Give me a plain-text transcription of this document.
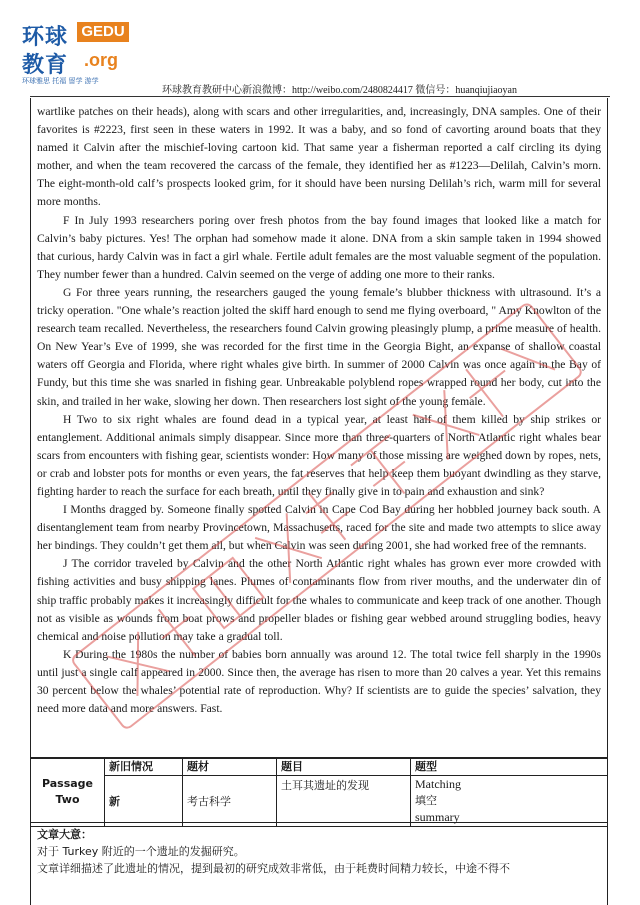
环球
教育
GEDU
.org
环球雅思 托福 留学 游学
环球教育教研中心新浪微博：http://weibo.com/2480824417 微信号：huanqiujiaoyan

wartlike patches on their heads), along with scars and other irregularities, and, increasingly, DNA samples. One of their favorites is #2223, first seen in these waters in 1992. It was a baby, and so fond of cavorting around boats that they named it Calvin after the mischief-loving cartoon kid. That same year a fisherman reported a calf circling its dying mother, and when the team recovered the carcass of the female, they identified her as #1223—Delilah, Calvin’s morn. The eight-month-old calf’s prospects looked grim, for it should have been nursing Delilah’s rich, warm mill for several more months.

F In July 1993 researchers poring over fresh photos from the bay found images that looked like a match for Calvin’s baby pictures. Yes! The orphan had somehow made it alone. DNA from a skin sample taken in 1994 showed that curious, hardy Calvin was in fact a girl whale. Fertile adult females are the most valuable segment of the population. They number fewer than a hundred. Calvin seemed on the verge of adding one more to their ranks.

G For three years running, the researchers gauged the young female’s blubber thickness with ultrasound. It’s a tricky operation. "One whale’s reaction jolted the skiff hard enough to send me flying overboard, " Amy Knowlton of the research team recalled. Nevertheless, the researchers found Calvin growing pleasingly plump, a prime measure of health. On New Year’s Eve of 1999, she was recorded for the first time in the Georgia Bight, an expanse of shallow coastal waters off Georgia and Florida, where right whales give birth. In summer of 2000 Calvin was once again in the Bay of Fundy, but this time she was snarled in fishing gear. Unbreakable polyblend ropes wrapped round her body, cut into the skin, and trailed in her wake, slowing her down. Then researchers lost sight of the young female.

H Two to six right whales are found dead in a typical year, at least half of them killed by ship strikes or entanglement. Additional animals simply disappear. Since more than three-quarters of North Atlantic right whales bear scars from encounters with fishing gear, scientists wonder: How many of those missing are weighed down by ropes, nets, or crab and lobster pots for months or even years, the fat reserves that help keep them buoyant dwindling as they starve, fighting harder to reach the surface for each breath, until they finally give in to pain and exhaustion and sink?

I Months dragged by. Someone finally spotted Calvin in Cape Cod Bay during her hobbled journey back south. A disentanglement team from nearby Provincetown, Massachusetts, raced for the site and made two attempts to slice away her bindings. They couldn’t get them all, but when Calvin was seen during 2001, she had worked free of the remnants.

J The corridor traveled by Calvin and the other North Atlantic right whales has grown ever more crowded with fishing activities and busy shipping lanes. Plumes of contaminants flow from river mouths, and the underwater din of ship traffic probably makes it increasingly difficult for the whales to communicate and keep track of one another. Though not as visible as wounds from boat prows and propeller blades or fishing gear webbed around struggling bodies, heavy chemical and noise pollution may take a gradual toll.

K During the 1980s the number of babies born annually was around 12. The total twice fell sharply in the 1990s until just a single calf appeared in 2000. Since then, the average has risen to more than 20 calves a year. Yet this remains 30 percent below the whales’ potential rate of reproduction. Why? If scientists are to guide the species’ salvation, they need more data and more answers. Fast.

Passage
Two	新旧情况	题材	题目	题型
	新	考古科学	土耳其遗址的发现	Matching
填空
summary
文章大意：
对于 Turkey 附近的一个遗址的发掘研究。
文章详细描述了此遗址的情况，提到最初的研究成效非常低，由于耗费时间精力较长，中途不得不
